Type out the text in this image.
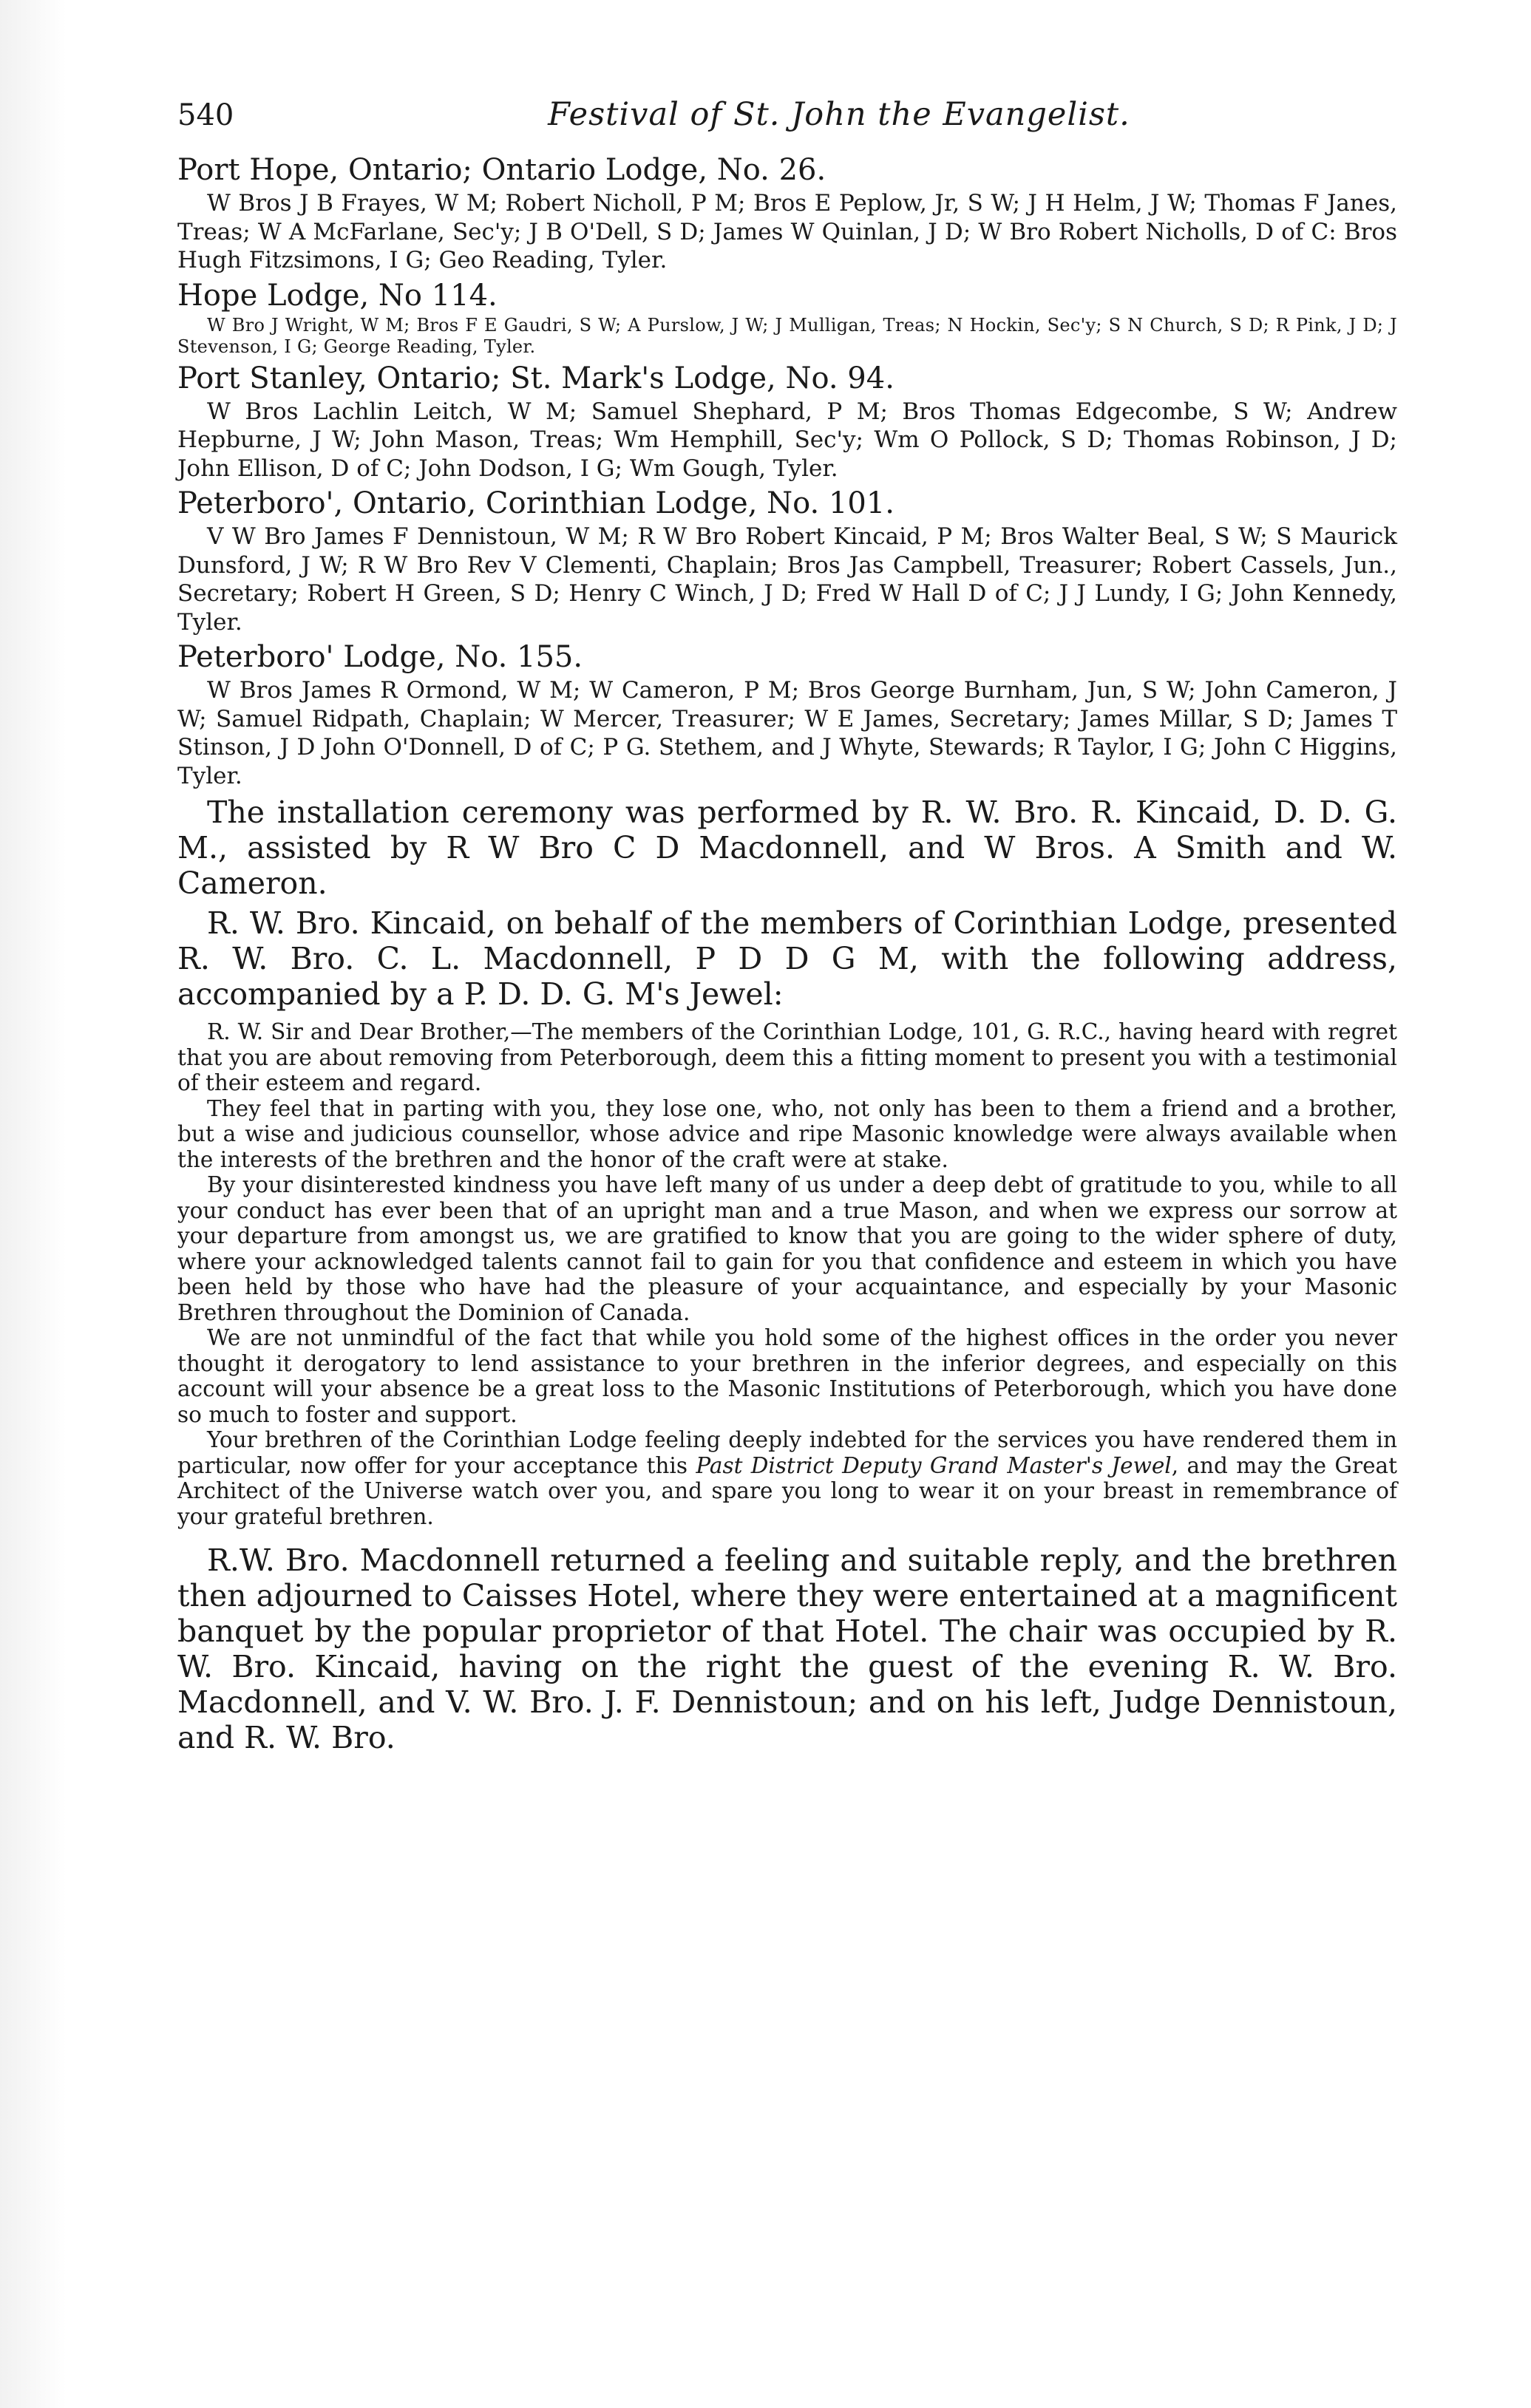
540	Festival of St. John the Evangelist.
Port Hope, Ontario; Ontario Lodge, No. 26.

W Bros J B Frayes, W M; Robert Nicholl, P M; Bros E Peplow, Jr, S W; J H Helm, J W; Thomas F Janes, Treas; W A McFarlane, Sec'y; J B O'Dell, S D; James W Quinlan, J D; W Bro Robert Nicholls, D of C: Bros Hugh Fitzsimons, I G; Geo Reading, Tyler.

Hope Lodge, No 114.

W Bro J Wright, W M; Bros F E Gaudri, S W; A Purslow, J W; J Mulligan, Treas; N Hockin, Sec'y; S N Church, S D; R Pink, J D; J Stevenson, I G; George Reading, Tyler.

Port Stanley, Ontario; St. Mark's Lodge, No. 94.

W Bros Lachlin Leitch, W M; Samuel Shephard, P M; Bros Thomas Edgecombe, S W; Andrew Hepburne, J W; John Mason, Treas; Wm Hemphill, Sec'y; Wm O Pollock, S D; Thomas Robinson, J D; John Ellison, D of C; John Dodson, I G; Wm Gough, Tyler.

Peterboro', Ontario, Corinthian Lodge, No. 101.

V W Bro James F Dennistoun, W M; R W Bro Robert Kincaid, P M; Bros Walter Beal, S W; S Maurick Dunsford, J W; R W Bro Rev V Clementi, Chaplain; Bros Jas Campbell, Treasurer; Robert Cassels, Jun., Secretary; Robert H Green, S D; Henry C Winch, J D; Fred W Hall D of C; J J Lundy, I G; John Kennedy, Tyler.

Peterboro' Lodge, No. 155.

W Bros James R Ormond, W M; W Cameron, P M; Bros George Burnham, Jun, S W; John Cameron, J W; Samuel Ridpath, Chaplain; W Mercer, Treasurer; W E James, Secretary; James Millar, S D; James T Stinson, J D John O'Donnell, D of C; P G. Stethem, and J Whyte, Stewards; R Taylor, I G; John C Higgins, Tyler.

The installation ceremony was performed by R. W. Bro. R. Kincaid, D. D. G. M., assisted by R W Bro C D Macdonnell, and W Bros. A Smith and W. Cameron.

R. W. Bro. Kincaid, on behalf of the members of Corinthian Lodge, presented R. W. Bro. C. L. Macdonnell, P D D G M, with the following address, accompanied by a P. D. D. G. M's Jewel:

R. W. Sir and Dear Brother,—The members of the Corinthian Lodge, 101, G. R.C., having heard with regret that you are about removing from Peterborough, deem this a fitting moment to present you with a testimonial of their esteem and regard.

They feel that in parting with you, they lose one, who, not only has been to them a friend and a brother, but a wise and judicious counsellor, whose advice and ripe Masonic knowledge were always available when the interests of the brethren and the honor of the craft were at stake.

By your disinterested kindness you have left many of us under a deep debt of gratitude to you, while to all your conduct has ever been that of an upright man and a true Mason, and when we express our sorrow at your departure from amongst us, we are gratified to know that you are going to the wider sphere of duty, where your acknowledged talents cannot fail to gain for you that confidence and esteem in which you have been held by those who have had the pleasure of your acquaintance, and especially by your Masonic Brethren throughout the Dominion of Canada.

We are not unmindful of the fact that while you hold some of the highest offices in the order you never thought it derogatory to lend assistance to your brethren in the inferior degrees, and especially on this account will your absence be a great loss to the Masonic Institutions of Peterborough, which you have done so much to foster and support.

Your brethren of the Corinthian Lodge feeling deeply indebted for the services you have rendered them in particular, now offer for your acceptance this Past District Deputy Grand Master's Jewel, and may the Great Architect of the Universe watch over you, and spare you long to wear it on your breast in remembrance of your grateful brethren.

R.W. Bro. Macdonnell returned a feeling and suitable reply, and the brethren then adjourned to Caisses Hotel, where they were entertained at a magnificent banquet by the popular proprietor of that Hotel. The chair was occupied by R. W. Bro. Kincaid, having on the right the guest of the evening R. W. Bro. Macdonnell, and V. W. Bro. J. F. Dennistoun; and on his left, Judge Dennistoun, and R. W. Bro.
